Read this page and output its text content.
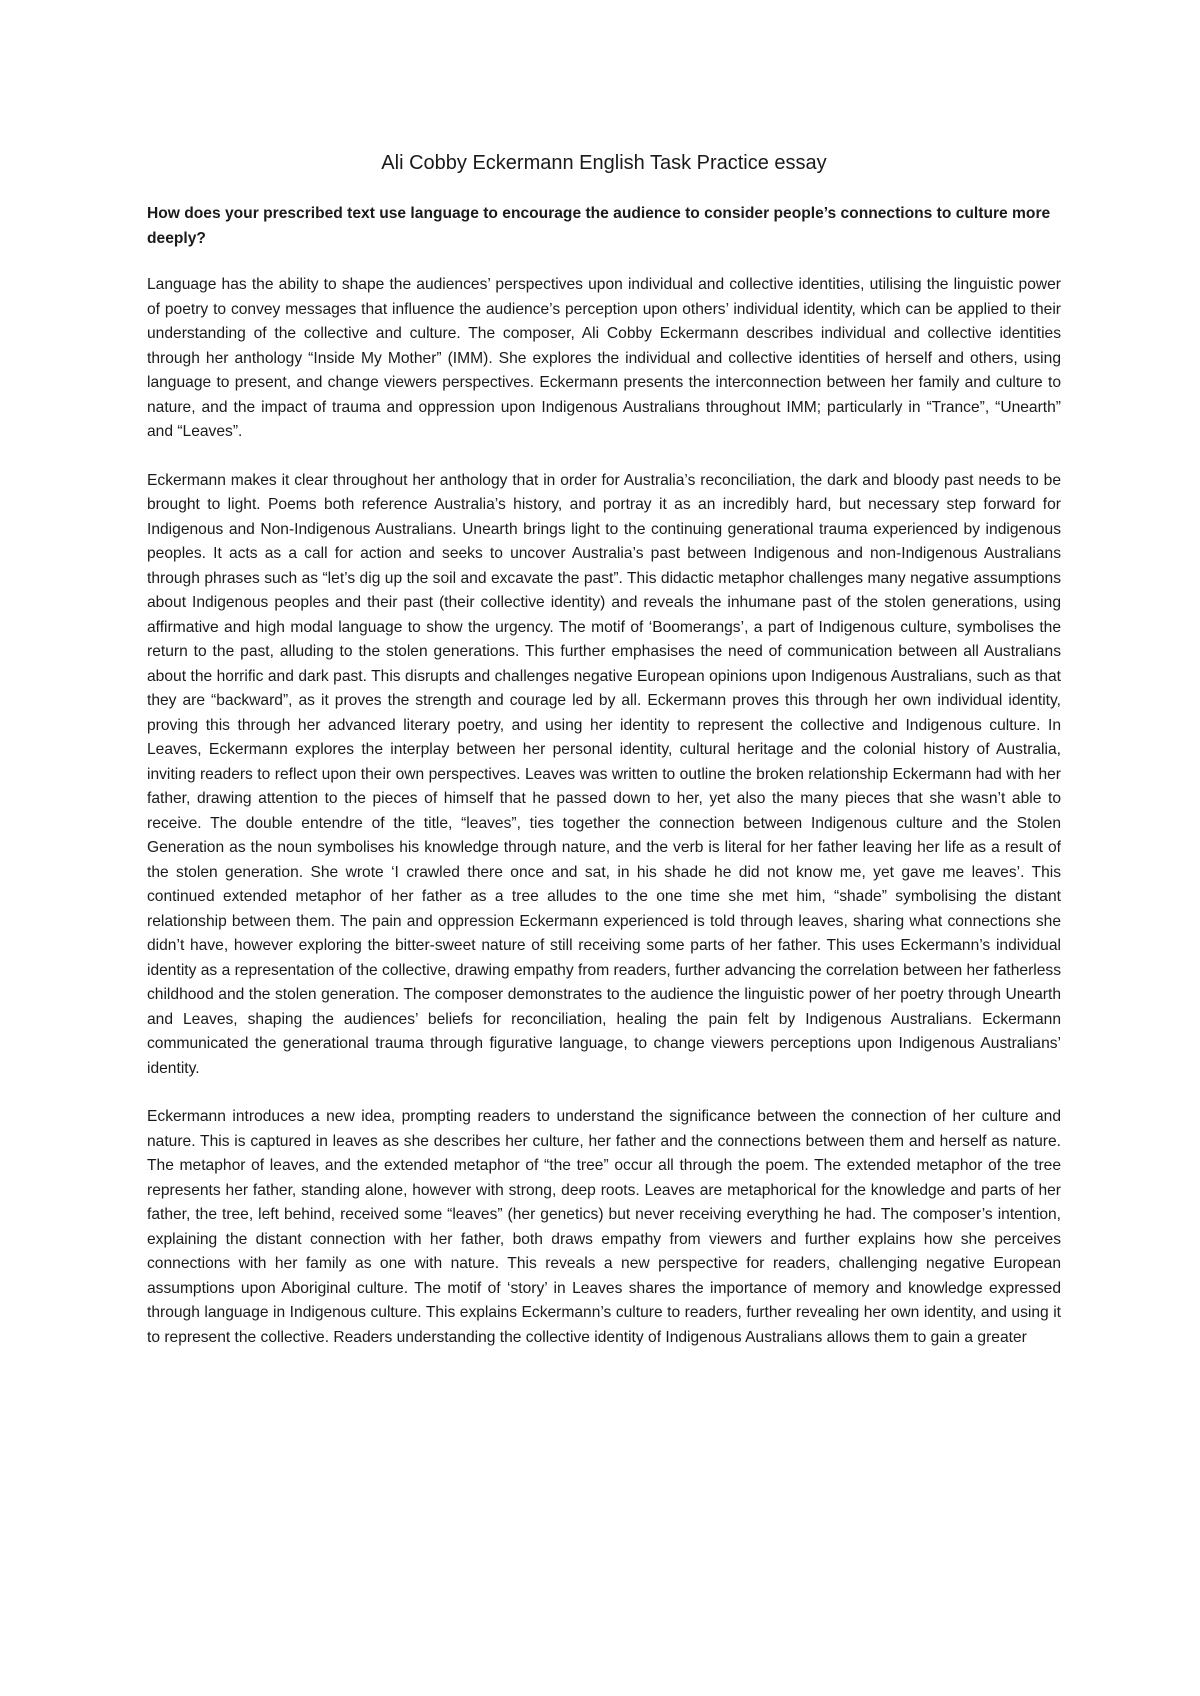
Ali Cobby Eckermann English Task Practice essay

How does your prescribed text use language to encourage the audience to consider people’s connections to culture more deeply?

Language has the ability to shape the audiences’ perspectives upon individual and collective identities, utilising the linguistic power of poetry to convey messages that influence the audience’s perception upon others’ individual identity, which can be applied to their understanding of the collective and culture. The composer, Ali Cobby Eckermann describes individual and collective identities through her anthology “Inside My Mother” (IMM). She explores the individual and collective identities of herself and others, using language to present, and change viewers perspectives. Eckermann presents the interconnection between her family and culture to nature, and the impact of trauma and oppression upon Indigenous Australians throughout IMM; particularly in “Trance”, “Unearth” and “Leaves”.

Eckermann makes it clear throughout her anthology that in order for Australia’s reconciliation, the dark and bloody past needs to be brought to light. Poems both reference Australia’s history, and portray it as an incredibly hard, but necessary step forward for Indigenous and Non-Indigenous Australians. Unearth brings light to the continuing generational trauma experienced by indigenous peoples. It acts as a call for action and seeks to uncover Australia’s past between Indigenous and non-Indigenous Australians through phrases such as “let’s dig up the soil and excavate the past”. This didactic metaphor challenges many negative assumptions about Indigenous peoples and their past (their collective identity) and reveals the inhumane past of the stolen generations, using affirmative and high modal language to show the urgency. The motif of ‘Boomerangs’, a part of Indigenous culture, symbolises the return to the past, alluding to the stolen generations. This further emphasises the need of communication between all Australians about the horrific and dark past. This disrupts and challenges negative European opinions upon Indigenous Australians, such as that they are “backward”, as it proves the strength and courage led by all. Eckermann proves this through her own individual identity, proving this through her advanced literary poetry, and using her identity to represent the collective and Indigenous culture. In Leaves, Eckermann explores the interplay between her personal identity, cultural heritage and the colonial history of Australia, inviting readers to reflect upon their own perspectives. Leaves was written to outline the broken relationship Eckermann had with her father, drawing attention to the pieces of himself that he passed down to her, yet also the many pieces that she wasn’t able to receive. The double entendre of the title, “leaves”, ties together the connection between Indigenous culture and the Stolen Generation as the noun symbolises his knowledge through nature, and the verb is literal for her father leaving her life as a result of the stolen generation. She wrote ‘I crawled there once and sat, in his shade he did not know me, yet gave me leaves’. This continued extended metaphor of her father as a tree alludes to the one time she met him, “shade” symbolising the distant relationship between them. The pain and oppression Eckermann experienced is told through leaves, sharing what connections she didn’t have, however exploring the bitter-sweet nature of still receiving some parts of her father. This uses Eckermann’s individual identity as a representation of the collective, drawing empathy from readers, further advancing the correlation between her fatherless childhood and the stolen generation. The composer demonstrates to the audience the linguistic power of her poetry through Unearth and Leaves, shaping the audiences’ beliefs for reconciliation, healing the pain felt by Indigenous Australians. Eckermann communicated the generational trauma through figurative language, to change viewers perceptions upon Indigenous Australians’ identity.

Eckermann introduces a new idea, prompting readers to understand the significance between the connection of her culture and nature. This is captured in leaves as she describes her culture, her father and the connections between them and herself as nature. The metaphor of leaves, and the extended metaphor of “the tree” occur all through the poem. The extended metaphor of the tree represents her father, standing alone, however with strong, deep roots. Leaves are metaphorical for the knowledge and parts of her father, the tree, left behind, received some “leaves” (her genetics) but never receiving everything he had. The composer’s intention, explaining the distant connection with her father, both draws empathy from viewers and further explains how she perceives connections with her family as one with nature. This reveals a new perspective for readers, challenging negative European assumptions upon Aboriginal culture. The motif of ‘story’ in Leaves shares the importance of memory and knowledge expressed through language in Indigenous culture. This explains Eckermann’s culture to readers, further revealing her own identity, and using it to represent the collective. Readers understanding the collective identity of Indigenous Australians allows them to gain a greater
